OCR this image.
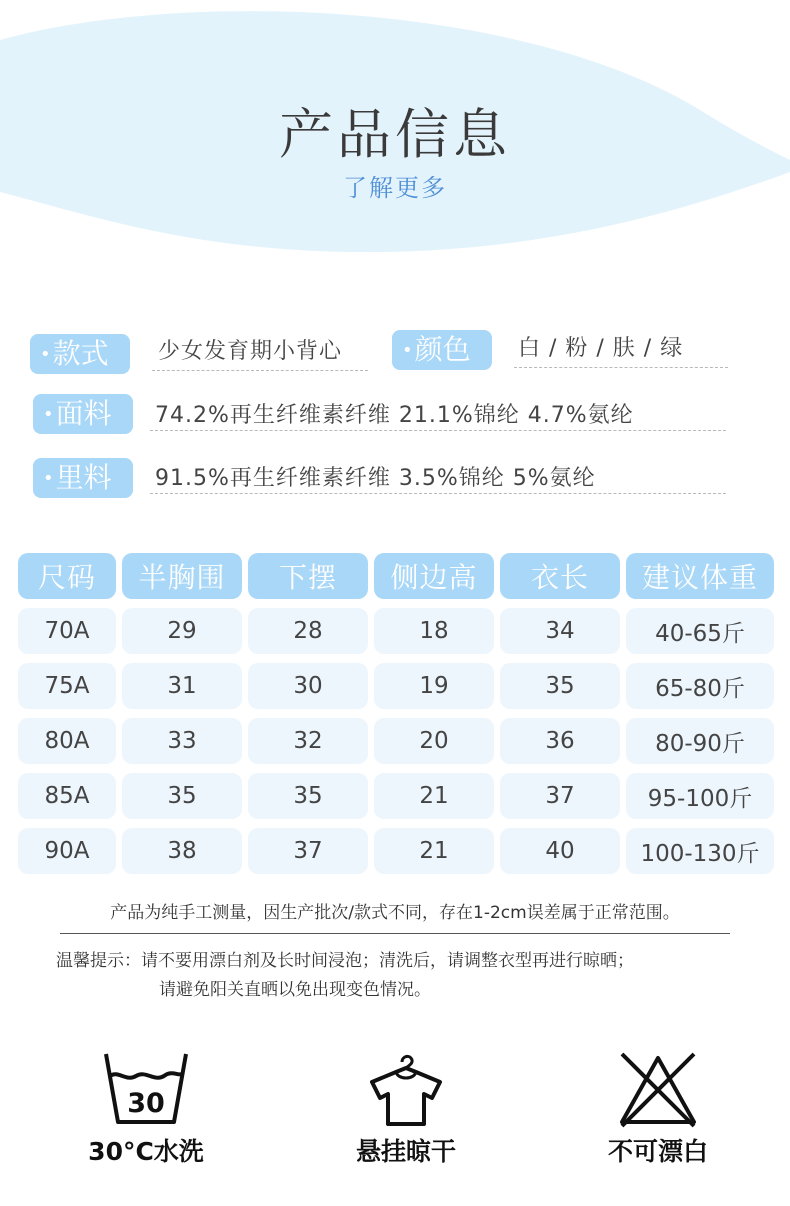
产品信息
了解更多
•款式	少女发育期小背心	•颜色	白 / 粉 / 肤 / 绿
•面料	74.2%再生纤维素纤维 21.1%锦纶 4.7%氨纶
•里料	91.5%再生纤维素纤维 3.5%锦纶 5%氨纶
尺码	半胸围	下摆	侧边高	衣长	建议体重
70A	29	28	18	34	40-65斤
75A	31	30	19	35	65-80斤
80A	33	32	20	36	80-90斤
85A	35	35	21	37	95-100斤
90A	38	37	21	40	100-130斤
产品为纯手工测量，因生产批次/款式不同，存在1-2cm误差属于正常范围。
温馨提示：请不要用漂白剂及长时间浸泡；清洗后，请调整衣型再进行晾晒；
请避免阳关直晒以免出现变色情况。
30
30°C水洗	悬挂晾干	不可漂白
